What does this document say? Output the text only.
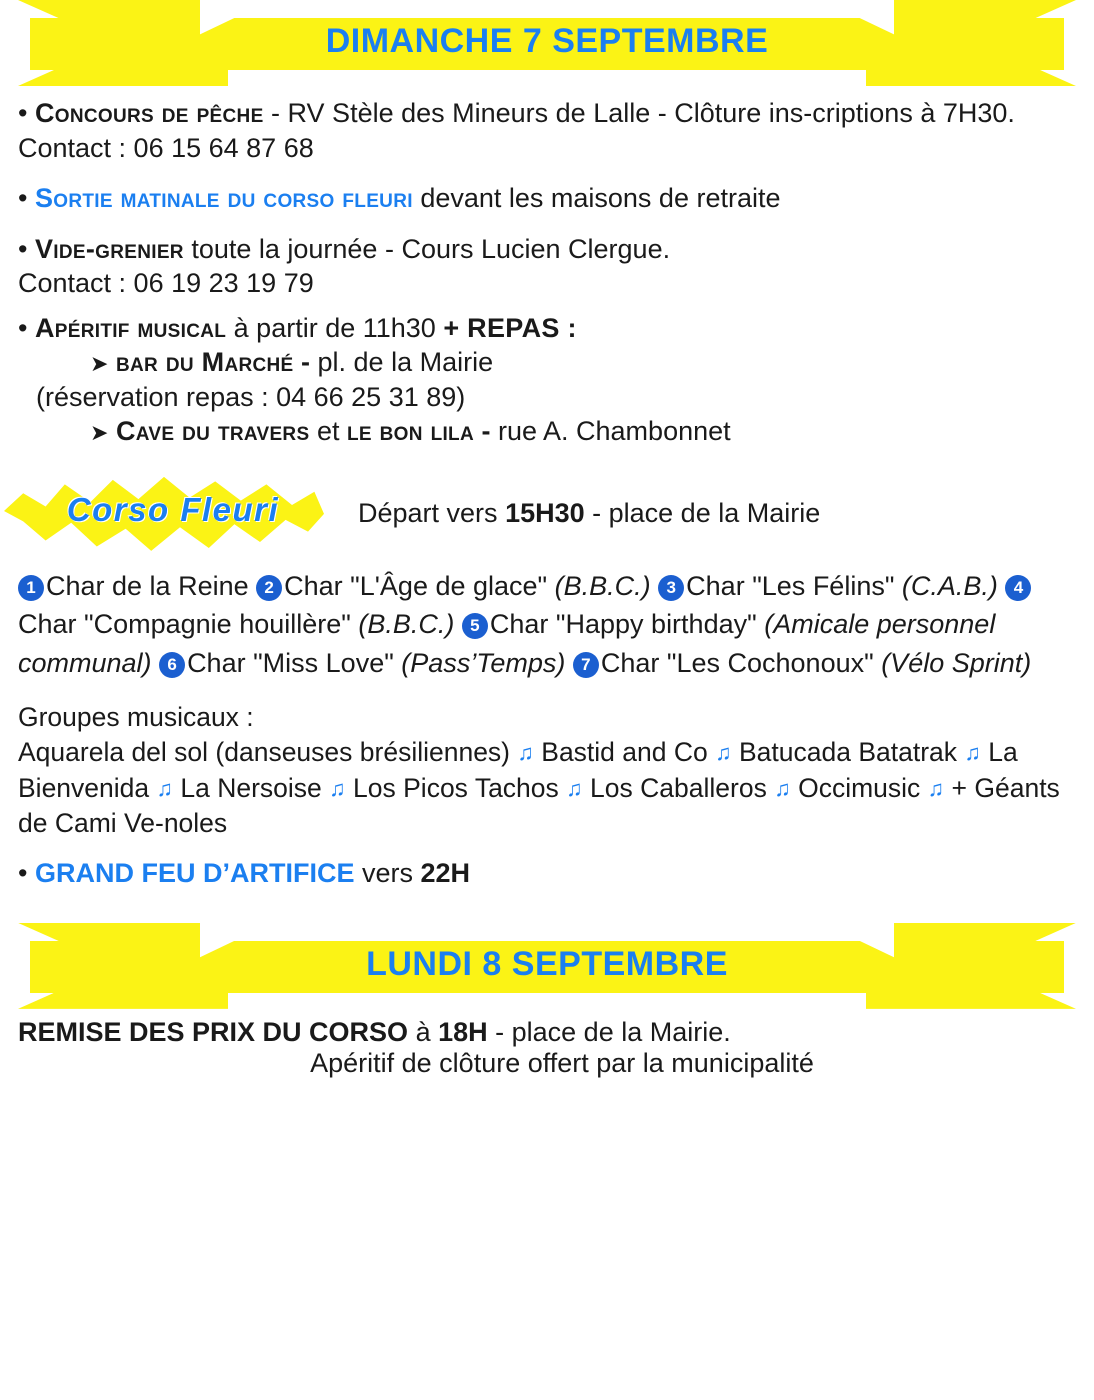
DIMANCHE 7 SEPTEMBRE
• Concours de pêche - RV Stèle des Mineurs de Lalle - Clôture ins-criptions à 7H30. Contact : 06 15 64 87 68
• Sortie matinale du corso fleuri devant les maisons de retraite
• Vide-grenier toute la journée - Cours Lucien Clergue.
Contact : 06 19 23 19 79
• Apéritif musical à partir de 11h30 + REPAS :
➤ bar du Marché - pl. de la Mairie
(réservation repas : 04 66 25 31 89)
➤ Cave du travers et le bon lila - rue A. Chambonnet
Corso Fleuri	Départ vers 15H30 - place de la Mairie
1 Char de la Reine 2 Char "L'Âge de glace" (B.B.C.) 3 Char "Les Félins" (C.A.B.) 4Char "Compagnie houillère" (B.B.C.) 5 Char "Happy birthday" (Amicale personnel communal) 6 Char "Miss Love" (Pass’Temps) 7 Char "Les Cochonoux" (Vélo Sprint)
Groupes musicaux :
Aquarela del sol (danseuses brésiliennes) ♫ Bastid and Co ♫ Batucada Batatrak ♫ La Bienvenida ♫ La Nersoise ♫ Los Picos Tachos ♫ Los Caballeros ♫ Occimusic ♫ + Géants de Cami Ve-noles
• GRAND FEU D’ARTIFICE vers 22H
LUNDI 8 SEPTEMBRE
REMISE DES PRIX DU CORSO à 18H - place de la Mairie.
Apéritif de clôture offert par la municipalité
